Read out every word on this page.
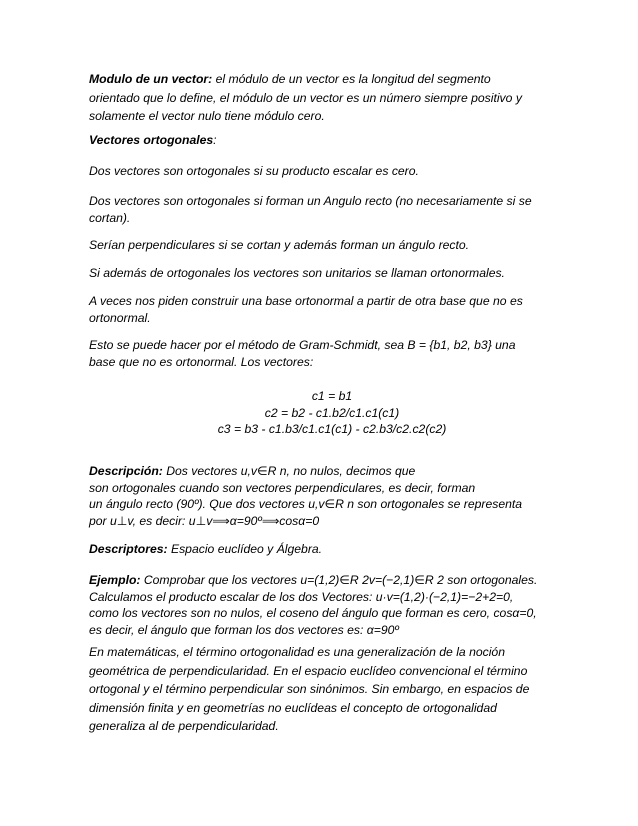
Modulo de un vector: el módulo de un vector es la longitud del segmento
orientado que lo define, el módulo de un vector es un número siempre positivo y
solamente el vector nulo tiene módulo cero.

Vectores ortogonales:

Dos vectores son ortogonales si su producto escalar es cero.

Dos vectores son ortogonales si forman un Angulo recto (no necesariamente si se
cortan).

Serían perpendiculares si se cortan y además forman un ángulo recto.

Si además de ortogonales los vectores son unitarios se llaman ortonormales.

A veces nos piden construir una base ortonormal a partir de otra base que no es
ortonormal.

Esto se puede hacer por el método de Gram-Schmidt, sea B = {b1, b2, b3} una
base que no es ortonormal. Los vectores:

c1 = b1
c2 = b2 - c1.b2/c1.c1(c1)
c3 = b3 - c1.b3/c1.c1(c1) - c2.b3/c2.c2(c2)

Descripción: Dos vectores u,v∈R n, no nulos, decimos que
son ortogonales cuando son vectores perpendiculares, es decir, forman
un ángulo recto (90º). Que dos vectores u,v∈R n son ortogonales se representa
por u⊥v, es decir: u⊥v⟹α=90º⟹cosα=0

Descriptores: Espacio euclídeo y Álgebra.

Ejemplo: Comprobar que los vectores u=(1,2)∈R 2v=(−2,1)∈R 2 son ortogonales.
Calculamos el producto escalar de los dos Vectores: u·v=(1,2)·(−2,1)=−2+2=0,
como los vectores son no nulos, el coseno del ángulo que forman es cero, cosα=0,
es decir, el ángulo que forman los dos vectores es: α=90º

En matemáticas, el término ortogonalidad es una generalización de la noción
geométrica de perpendicularidad. En el espacio euclídeo convencional el término
ortogonal y el término perpendicular son sinónimos. Sin embargo, en espacios de
dimensión finita y en geometrías no euclídeas el concepto de ortogonalidad
generaliza al de perpendicularidad.
